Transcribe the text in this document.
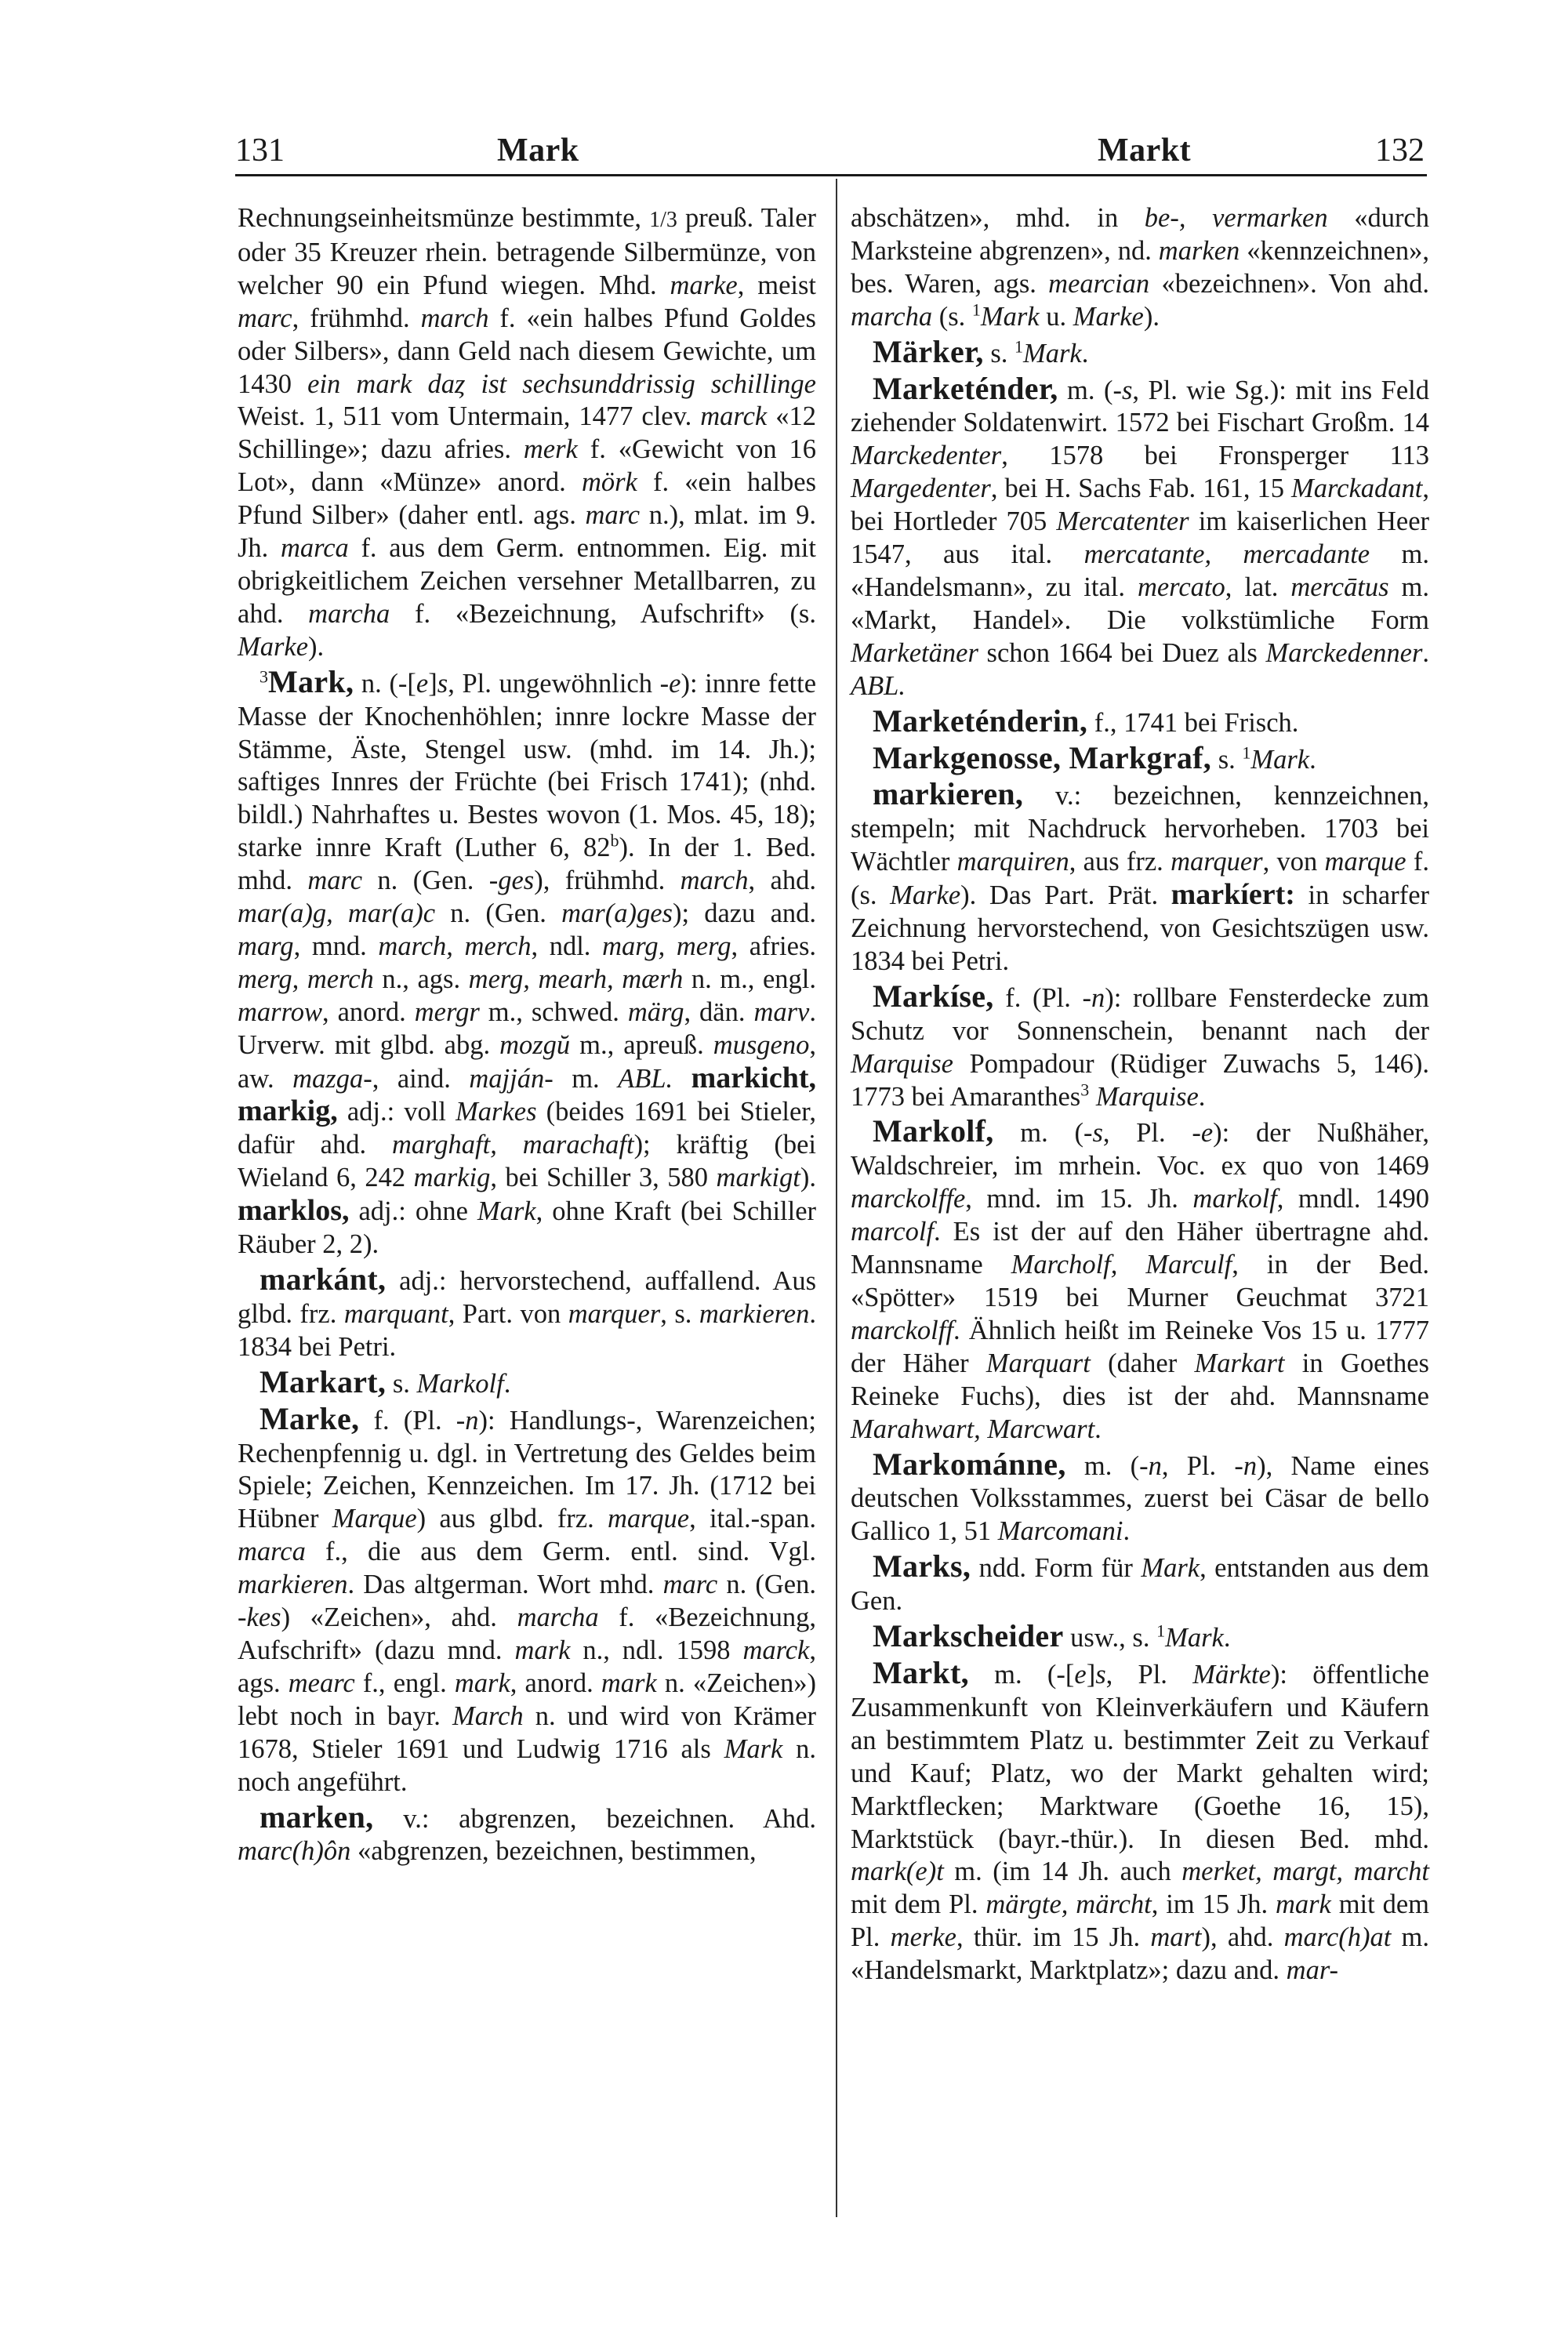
131	Mark	Markt	132

Rechnungseinheitsmünze bestimmte, 1/3 preuß. Taler oder 35 Kreuzer rhein. betragende Silbermünze, von welcher 90 ein Pfund wiegen. Mhd. marke, meist marc, frühmhd. march f. «ein halbes Pfund Goldes oder Silbers», dann Geld nach diesem Gewichte, um 1430 ein mark daȥ ist sechsunddrissig schillinge Weist. 1, 511 vom Untermain, 1477 clev. marck «12 Schillinge»; dazu afries. merk f. «Gewicht von 16 Lot», dann «Münze» anord. mörk f. «ein halbes Pfund Silber» (daher entl. ags. marc n.), mlat. im 9. Jh. marca f. aus dem Germ. entnommen. Eig. mit obrigkeitlichem Zeichen versehner Metallbarren, zu ahd. marcha f. «Bezeichnung, Aufschrift» (s. Marke).

$^3$Mark, n. (-[e]s, Pl. ungewöhnlich -e): innre fette Masse der Knochenhöhlen; innre lockre Masse der Stämme, Äste, Stengel usw. (mhd. im 14. Jh.); saftiges Innres der Früchte (bei Frisch 1741); (nhd. bildl.) Nahrhaftes u. Bestes wovon (1. Mos. 45, 18); starke innre Kraft (Luther 6, 82$^b$). In der 1. Bed. mhd. marc n. (Gen. -ges), frühmhd. march, ahd. mar(a)g, mar(a)c n. (Gen. mar(a)ges); dazu and. marg, mnd. march, merch, ndl. marg, merg, afries. merg, merch n., ags. merg, mearh, mærh n. m., engl. marrow, anord. mergr m., schwed. märg, dän. marv. Urverw. mit glbd. abg. mozgŭ m., apreuß. musgeno, aw. mazga-, aind. majján- m. ABL. markicht, markig, adj.: voll Markes (beides 1691 bei Stieler, dafür ahd. marghaft, marachaft); kräftig (bei Wieland 6, 242 markig, bei Schiller 3, 580 markigt). marklos, adj.: ohne Mark, ohne Kraft (bei Schiller Räuber 2, 2).

markánt, adj.: hervorstechend, auffallend. Aus glbd. frz. marquant, Part. von marquer, s. markieren. 1834 bei Petri.

Markart, s. Markolf.

Marke, f. (Pl. -n): Handlungs-, Warenzeichen; Rechenpfennig u. dgl. in Vertretung des Geldes beim Spiele; Zeichen, Kennzeichen. Im 17. Jh. (1712 bei Hübner Marque) aus glbd. frz. marque, ital.-span. marca f., die aus dem Germ. entl. sind. Vgl. markieren. Das altgerman. Wort mhd. marc n. (Gen. -kes) «Zeichen», ahd. marcha f. «Bezeichnung, Aufschrift» (dazu mnd. mark n., ndl. 1598 marck, ags. mearc f., engl. mark, anord. mark n. «Zeichen») lebt noch in bayr. March n. und wird von Krämer 1678, Stieler 1691 und Ludwig 1716 als Mark n. noch angeführt.

marken, v.: abgrenzen, bezeichnen. Ahd. marc(h)ôn «abgrenzen, bezeichnen, bestimmen,

abschätzen», mhd. in be-, vermarken «durch Marksteine abgrenzen», nd. marken «kennzeichnen», bes. Waren, ags. mearcian «bezeichnen». Von ahd. marcha (s. $^1$Mark u. Marke).

Märker, s. $^1$Mark.

Marketénder, m. (-s, Pl. wie Sg.): mit ins Feld ziehender Soldatenwirt. 1572 bei Fischart Großm. 14 Marckedenter, 1578 bei Fronsperger 113 Margedenter, bei H. Sachs Fab. 161, 15 Marckadant, bei Hortleder 705 Mercatenter im kaiserlichen Heer 1547, aus ital. mercatante, mercadante m. «Handelsmann», zu ital. mercato, lat. mercātus m. «Markt, Handel». Die volkstümliche Form Marketäner schon 1664 bei Duez als Marckedenner. ABL.

Marketénderin, f., 1741 bei Frisch.

Markgenosse, Markgraf, s. $^1$Mark.

markieren, v.: bezeichnen, kennzeichnen, stempeln; mit Nachdruck hervorheben. 1703 bei Wächtler marquiren, aus frz. marquer, von marque f. (s. Marke). Das Part. Prät. markíert: in scharfer Zeichnung hervorstechend, von Gesichtszügen usw. 1834 bei Petri.

Markíse, f. (Pl. -n): rollbare Fensterdecke zum Schutz vor Sonnenschein, benannt nach der Marquise Pompadour (Rüdiger Zuwachs 5, 146). 1773 bei Amaranthes$^3$ Marquise.

Markolf, m. (-s, Pl. -e): der Nußhäher, Waldschreier, im mrhein. Voc. ex quo von 1469 marckolffe, mnd. im 15. Jh. markolf, mndl. 1490 marcolf. Es ist der auf den Häher übertragne ahd. Mannsname Marcholf, Marculf, in der Bed. «Spötter» 1519 bei Murner Geuchmat 3721 marckolff. Ähnlich heißt im Reineke Vos 15 u. 1777 der Häher Marquart (daher Markart in Goethes Reineke Fuchs), dies ist der ahd. Mannsname Marahwart, Marcwart.

Markománne, m. (-n, Pl. -n), Name eines deutschen Volksstammes, zuerst bei Cäsar de bello Gallico 1, 51 Marcomani.

Marks, ndd. Form für Mark, entstanden aus dem Gen.

Markscheider usw., s. $^1$Mark.

Markt, m. (-[e]s, Pl. Märkte): öffentliche Zusammenkunft von Kleinverkäufern und Käufern an bestimmtem Platz u. bestimmter Zeit zu Verkauf und Kauf; Platz, wo der Markt gehalten wird; Marktflecken; Marktware (Goethe 16, 15), Marktstück (bayr.-thür.). In diesen Bed. mhd. mark(e)t m. (im 14 Jh. auch merket, margt, marcht mit dem Pl. märgte, märcht, im 15 Jh. mark mit dem Pl. merke, thür. im 15 Jh. mart), ahd. marc(h)at m. «Handelsmarkt, Marktplatz»; dazu and. mar-
